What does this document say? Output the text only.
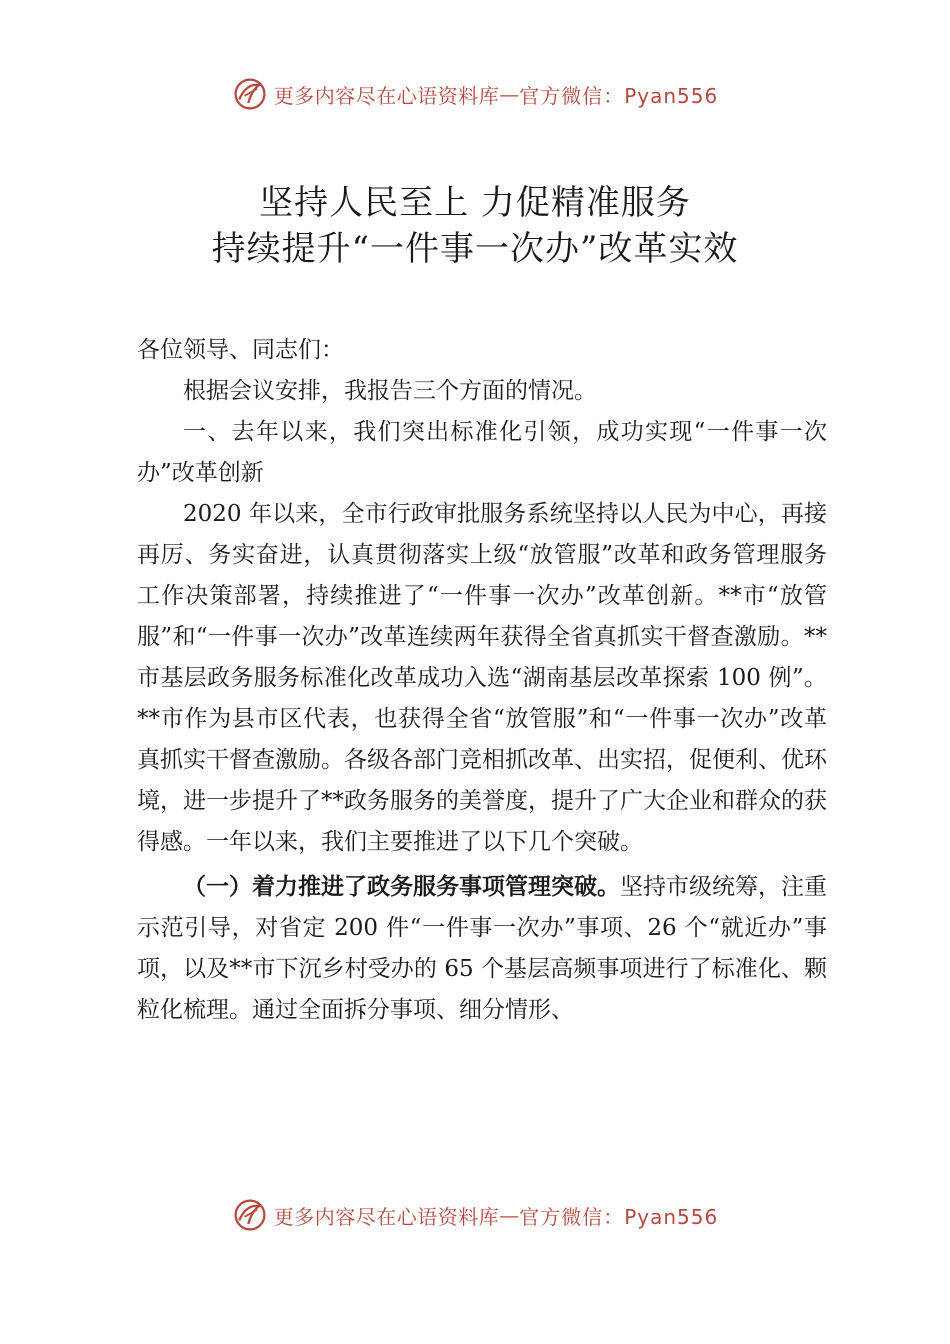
更多内容尽在心语资料库 — 官方微信：Pyan556
坚持人民至上 力促精准服务
持续提升“一件事一次办”改革实效

各位领导、同志们：

根据会议安排，我报告三个方面的情况。

一、去年以来，我们突出标准化引领，成功实现“一件事一次办”改革创新

2020 年以来，全市行政审批服务系统坚持以人民为中心，再接再厉、务实奋进，认真贯彻落实上级“放管服”改革和政务管理服务工作决策部署，持续推进了“一件事一次办”改革创新。**市“放管服”和“一件事一次办”改革连续两年获得全省真抓实干督查激励。**市基层政务服务标准化改革成功入选“湖南基层改革探索 100 例”。**市作为县市区代表，也获得全省“放管服”和“一件事一次办”改革真抓实干督查激励。各级各部门竞相抓改革、出实招，促便利、优环境，进一步提升了**政务服务的美誉度，提升了广大企业和群众的获得感。一年以来，我们主要推进了以下几个突破。

（一）着力推进了政务服务事项管理突破。坚持市级统筹，注重示范引导，对省定 200 件“一件事一次办”事项、26 个“就近办”事项，以及**市下沉乡村受办的 65 个基层高频事项进行了标准化、颗粒化梳理。通过全面拆分事项、细分情形、

更多内容尽在心语资料库 — 官方微信：Pyan556
